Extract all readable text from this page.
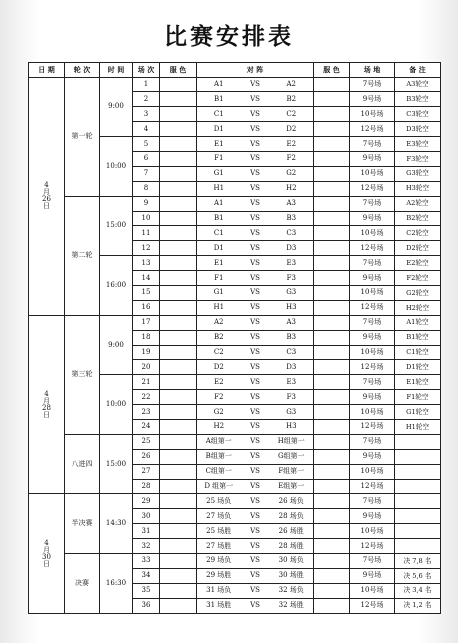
比赛安排表
日 期	轮 次	时 间	场 次	服 色	对 阵			服 色	场 地	备 注

4
月
26
日	第一轮	9:00	1		A1	VS	A2		7号场	A3轮空
			2		B1	VS	B2		9号场	B3轮空
			3		C1	VS	C2		10号场	C3轮空
			4		D1	VS	D2		12号场	D3轮空
		10:00	5		E1	VS	E2		7号场	E3轮空
			6		F1	VS	F2		9号场	F3轮空
			7		G1	VS	G2		10号场	G3轮空
			8		H1	VS	H2		12号场	H3轮空
	第二轮	15:00	9		A1	VS	A3		7号场	A2轮空
			10		B1	VS	B3		9号场	B2轮空
			11		C1	VS	C3		10号场	C2轮空
			12		D1	VS	D3		12号场	D2轮空
		16:00	13		E1	VS	E3		7号场	E2轮空
			14		F1	VS	F3		9号场	F2轮空
			15		G1	VS	G3		10号场	G2轮空
			16		H1	VS	H3		12号场	H2轮空

4
月
28
日	第三轮	9:00	17		A2	VS	A3		7号场	A1轮空
			18		B2	VS	B3		9号场	B1轮空
			19		C2	VS	C3		10号场	C1轮空
			20		D2	VS	D3		12号场	D1轮空
		10:00	21		E2	VS	E3		7号场	E1轮空
			22		F2	VS	F3		9号场	F1轮空
			23		G2	VS	G3		10号场	G1轮空
			24		H2	VS	H3		12号场	H1轮空
	八进四	15:00	25		A组第一	VS	H组第一		7号场	
			26		B组第一	VS	G组第一		9号场	
			27		C组第一	VS	F组第一		10号场	
			28		D 组第一	VS	E组第一		12号场	

4
月
30
日	半决赛	14:30	29		25 场负	VS	26 场负		7号场	
			30		27 场负	VS	28 场负		9号场	
			31		25 场胜	VS	26 场胜		10号场	
			32		27 场胜	VS	28 场胜		12号场	
	决赛	16:30	33		29 场负	VS	30 场负		7号场	决 7,8 名
			34		29 场胜	VS	30 场胜		9号场	决 5,6 名
			35		31 场负	VS	32 场负		10号场	决 3,4 名
			36		31 场胜	VS	32 场胜		12号场	决 1,2 名
